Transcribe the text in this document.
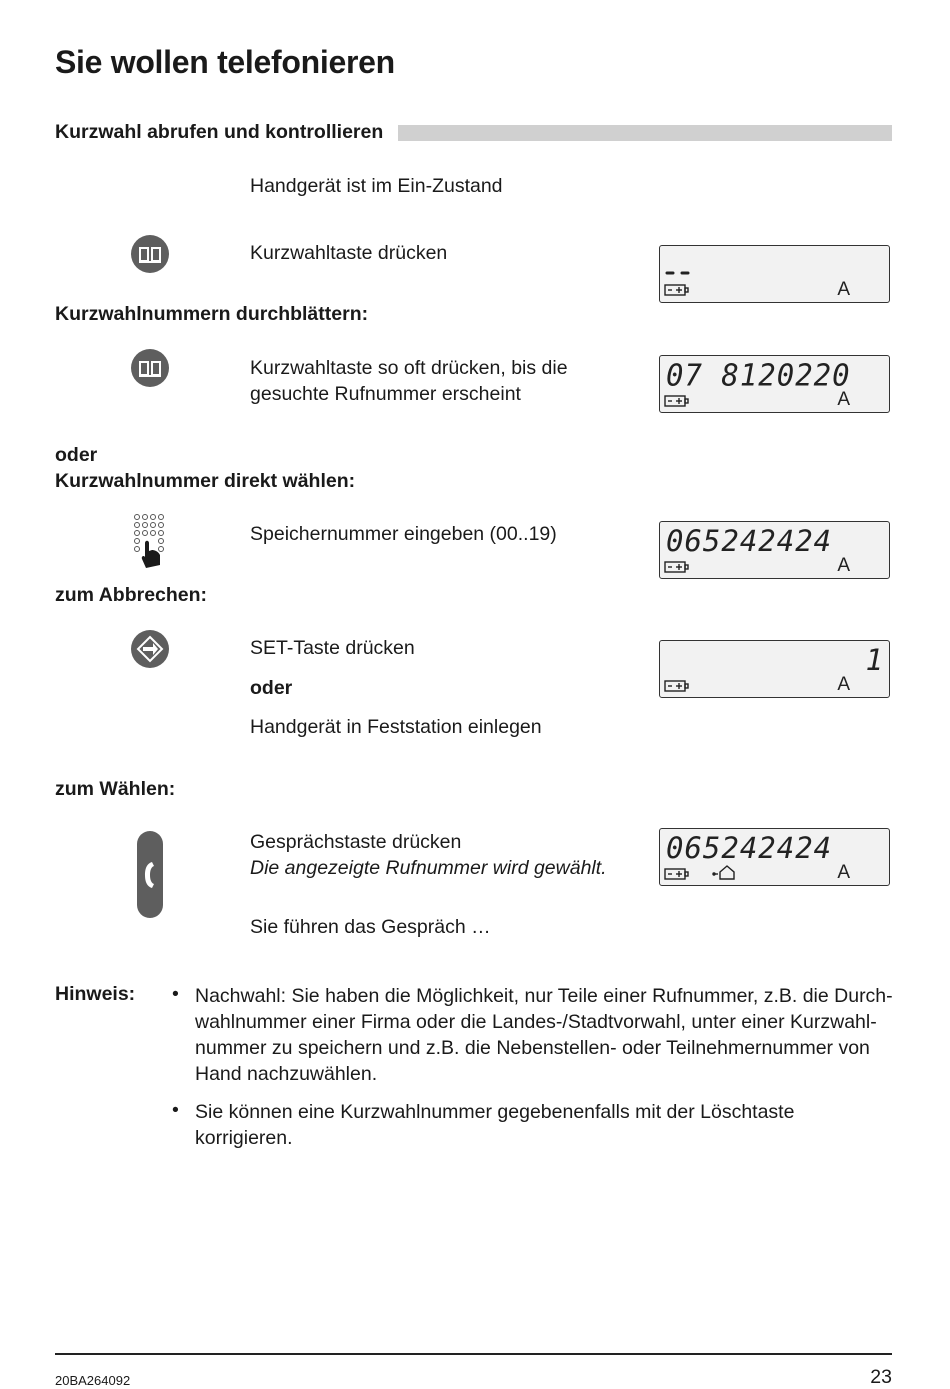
Sie wollen telefonieren
Kurzwahl abrufen und kontrollieren
Handgerät ist im Ein-Zustand
Kurzwahltaste drücken
A
Kurzwahlnummern durchblättern:
Kurzwahltaste so oft drücken, bis die
gesuchte Rufnummer erscheint
07 8120220
A
oder
Kurzwahlnummer direkt wählen:
Speichernummer eingeben (00..19)	065242424
A
zum Abbrechen:
SET-Taste drücken
oder
Handgerät in Feststation einlegen
1
A
zum Wählen:
Gesprächstaste drücken
Die angezeigte Rufnummer wird gewählt.
Sie führen das Gespräch …
065242424
A
Hinweis: • Nachwahl: Sie haben die Möglichkeit, nur Teile einer Rufnummer, z.B. die Durchwahlnummer einer Firma oder die Landes-/Stadtvorwahl, unter einer Kurzwahlnummer zu speichern und z.B. die Nebenstellen- oder Teilnehmernummer von Hand nachzuwählen.
• Sie können eine Kurzwahlnummer gegebenenfalls mit der Löschtaste korrigieren.
20BA264092	23
